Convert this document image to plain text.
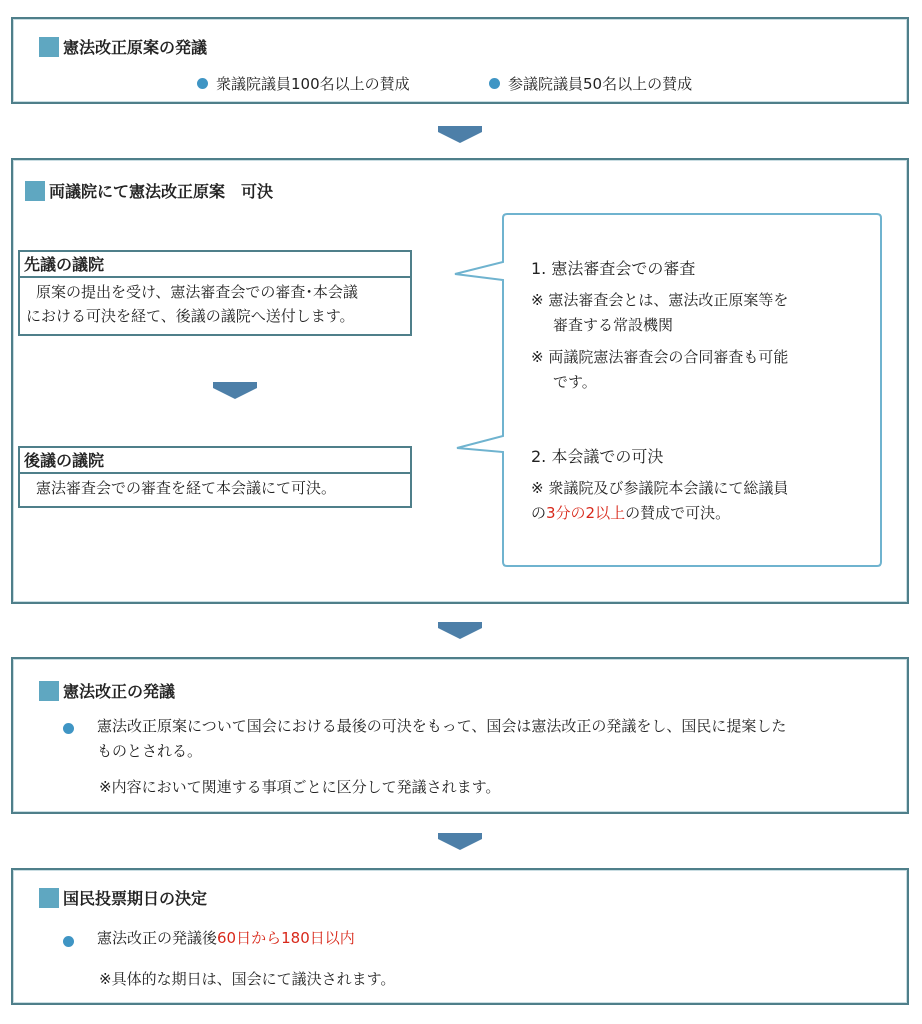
憲法改正原案の発議
衆議院議員100名以上の賛成	参議院議員50名以上の賛成
両議院にて憲法改正原案　可決
先議の議院
原案の提出を受け、憲法審査会での審査･本会議
における可決を経て、後議の議院へ送付します。
後議の議院
憲法審査会での審査を経て本会議にて可決。
1. 憲法審査会での審査
※ 憲法審査会とは、憲法改正原案等を
審査する常設機関
※ 両議院憲法審査会の合同審査も可能
です。
2. 本会議での可決
※ 衆議院及び参議院本会議にて総議員
の3分の2以上の賛成で可決。
憲法改正の発議
憲法改正原案について国会における最後の可決をもって、国会は憲法改正の発議をし、国民に提案した
ものとされる。
※内容において関連する事項ごとに区分して発議されます。
国民投票期日の決定
憲法改正の発議後60日から180日以内
※具体的な期日は、国会にて議決されます。
